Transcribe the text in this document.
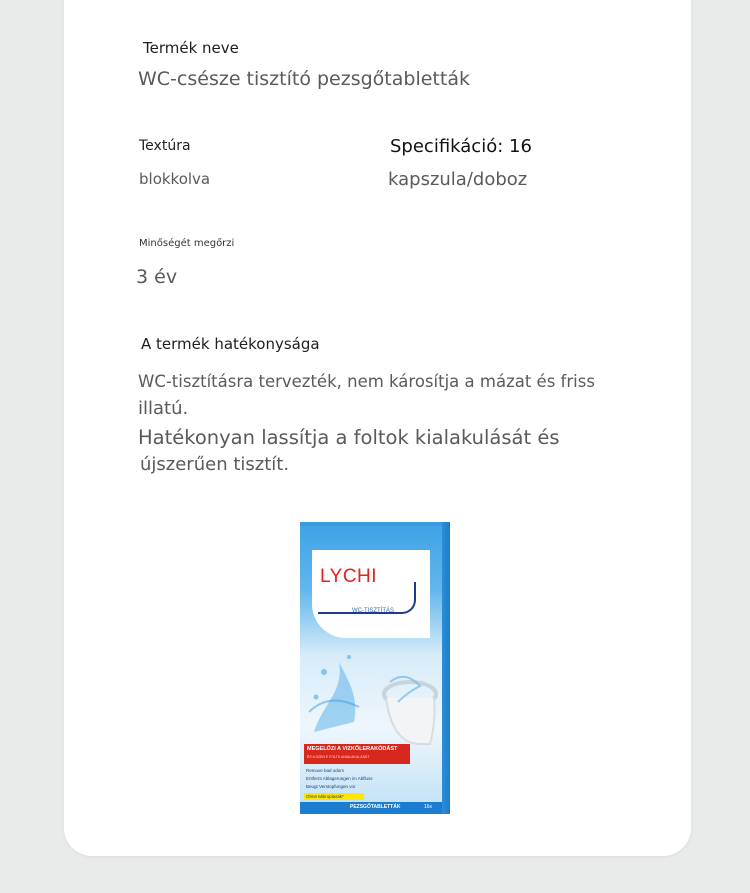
Termék neve
WC-csésze tisztító pezsgőtabletták
Textúra
blokkolva
Specifikáció: 16
kapszula/doboz
Minőségét megőrzi
3 év
A termék hatékonysága
WC-tisztításra tervezték, nem károsítja a mázat és friss
illatú.
Hatékonyan lassítja a foltok kialakulását és
újszerűen tisztít.
LYCHI
WC-TISZTÍTÁS
MEGELŐZI A VIZKŐLERAKÓDÁST
ÉS A SZEN E FOLTK ANIALAKULÁSÁT
Remove bad odors
Entfernt Ablagerungen im Abfluss
Beugt Verstopfungen vor
Ohne Mikroplastik*
PEZSGŐTABLETTÁK	16x
